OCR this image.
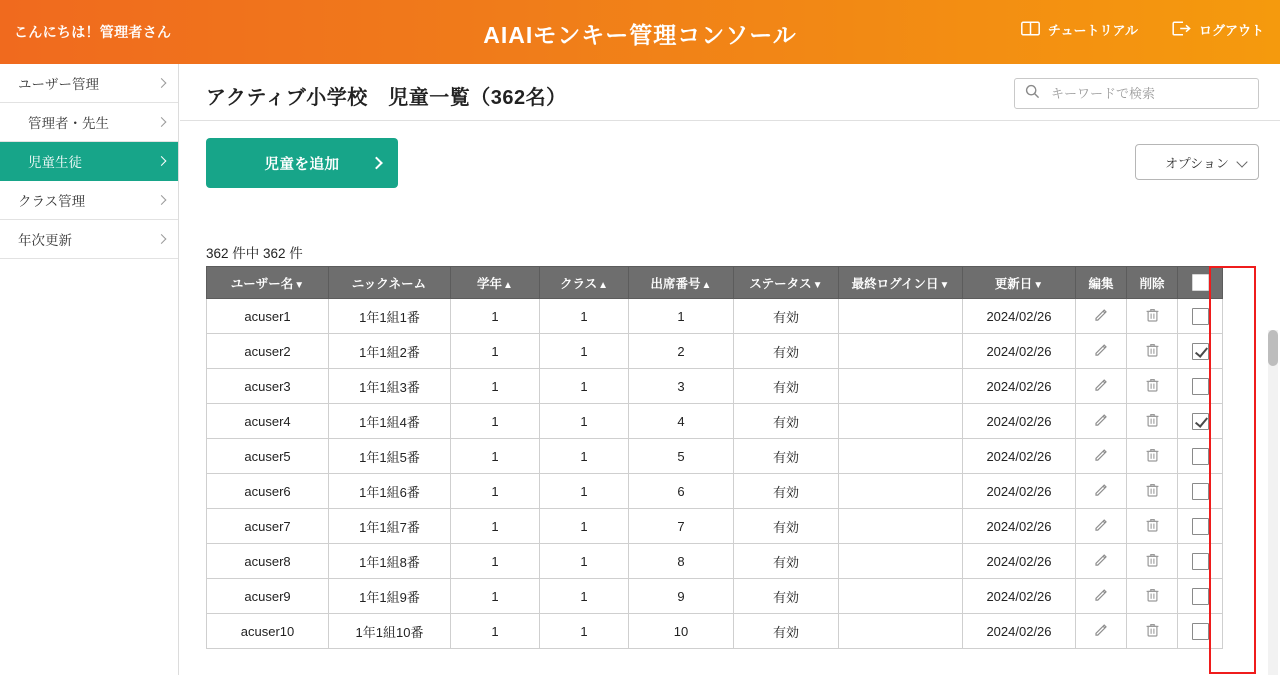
こんにちは！管理者さん	AIAIモンキー管理コンソール	チュートリアル	ログアウト
ユーザー管理
管理者・先生
児童生徒
クラス管理
年次更新
アクティブ小学校　児童一覧（362名）
キーワードで検索
児童を追加	オプション
362 件中 362 件
ユーザー名▼	ニックネーム	学年▲	クラス▲	出席番号▲	ステータス▼	最終ログイン日▼	更新日▼	編集	削除	
acuser1	1年1組1番	1	1	1	有効		2024/02/26			
acuser2	1年1組2番	1	1	2	有効		2024/02/26			
acuser3	1年1組3番	1	1	3	有効		2024/02/26			
acuser4	1年1組4番	1	1	4	有効		2024/02/26			
acuser5	1年1組5番	1	1	5	有効		2024/02/26			
acuser6	1年1組6番	1	1	6	有効		2024/02/26			
acuser7	1年1組7番	1	1	7	有効		2024/02/26			
acuser8	1年1組8番	1	1	8	有効		2024/02/26			
acuser9	1年1組9番	1	1	9	有効		2024/02/26			
acuser10	1年1組10番	1	1	10	有効		2024/02/26			
